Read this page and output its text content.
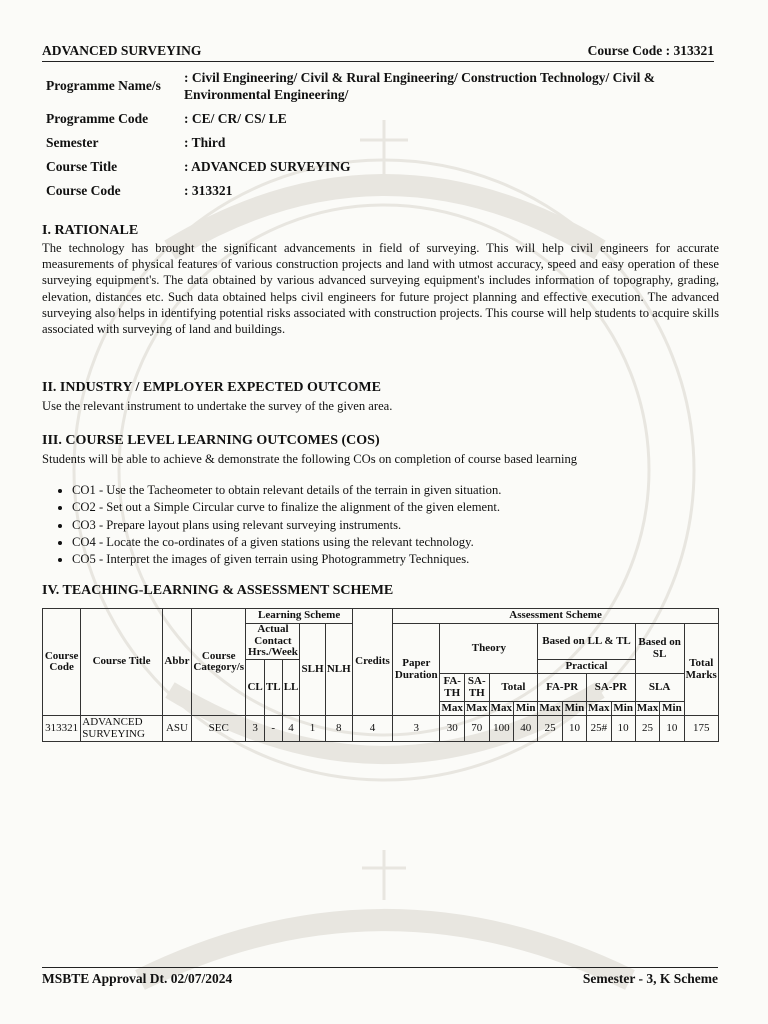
ADVANCED SURVEYING	Course Code : 313321
Programme Name/s
: Civil Engineering/ Civil & Rural Engineering/ Construction Technology/ Civil & Environmental Engineering/
Programme Code	: CE/ CR/ CS/ LE
Semester	: Third
Course Title	: ADVANCED SURVEYING
Course Code	: 313321
I. RATIONALE
The technology has brought the significant advancements in field of surveying. This will help civil engineers for accurate measurements of physical features of various construction projects and land with utmost accuracy, speed and easy operation of these surveying equipment's. The data obtained by various advanced surveying equipment's includes information of topography, grading, elevation, distances etc. Such data obtained helps civil engineers for future project planning and effective execution. The advanced surveying also helps in identifying potential risks associated with construction projects. This course will help students to acquire skills associated with surveying of land and buildings.
II. INDUSTRY / EMPLOYER EXPECTED OUTCOME
Use the relevant instrument to undertake the survey of the given area.
III. COURSE LEVEL LEARNING OUTCOMES (COS)
Students will be able to achieve & demonstrate the following COs on completion of course based learning
• CO1 - Use the Tacheometer to obtain relevant details of the terrain in given situation.
• CO2 - Set out a Simple Circular curve to finalize the alignment of the given element.
• CO3 - Prepare layout plans using relevant surveying instruments.
• CO4 - Locate the co-ordinates of a given stations using the relevant technology.
• CO5 - Interpret the images of given terrain using Photogrammetry Techniques.
IV. TEACHING-LEARNING & ASSESSMENT SCHEME
Course Code	Course Title	Abbr	Course Category/s	Learning Scheme					Credits	Assessment Scheme											
				Actual Contact Hrs./Week			SLH	NLH		Paper Duration	Theory				Based on LL & TL				Based on SL		Total Marks
				CL	TL	LL									Practical						
											FA- TH	SA- TH	Total		FA-PR		SA-PR		SLA		
											Max	Max	Max	Min	Max	Min	Max	Min	Max	Min	
313321	ADVANCED SURVEYING	ASU	SEC	3	-	4	1	8	4	3	30	70	100	40	25	10	25#	10	25	10	175
MSBTE Approval Dt. 02/07/2024	Semester - 3, K Scheme
